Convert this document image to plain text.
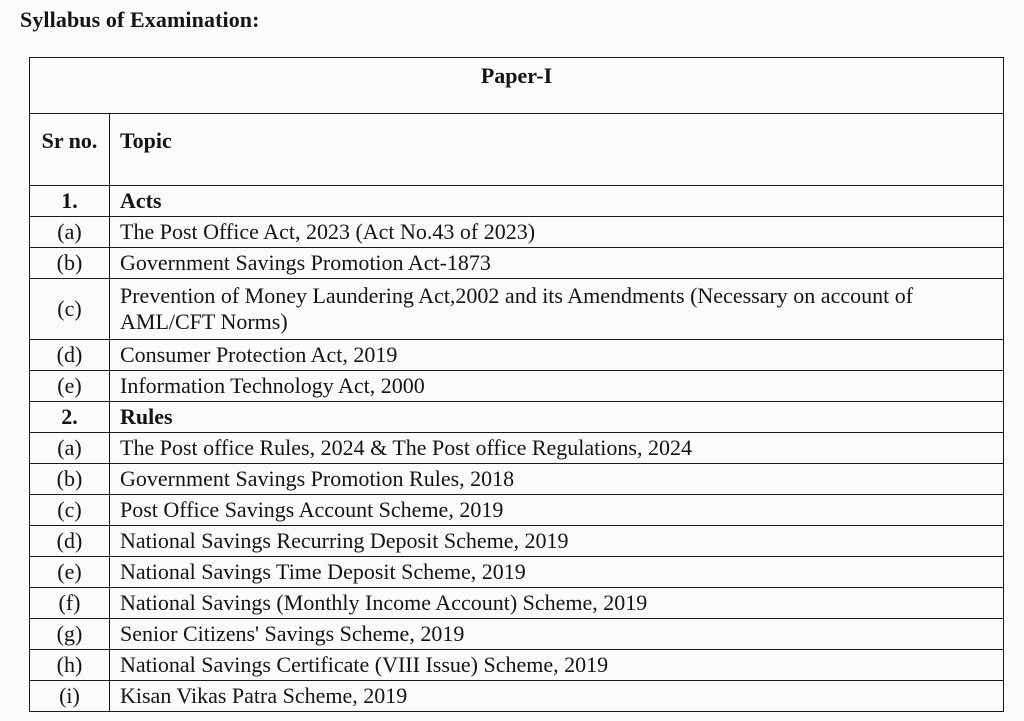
Syllabus of Examination:
Paper-I	
Sr no.	Topic
1.	Acts
(a)	The Post Office Act, 2023 (Act No.43 of 2023)
(b)	Government Savings Promotion Act-1873
(c)	Prevention of Money Laundering Act,2002 and its Amendments (Necessary on account of AML/CFT Norms)
(d)	Consumer Protection Act, 2019
(e)	Information Technology Act, 2000
2.	Rules
(a)	The Post office Rules, 2024 & The Post office Regulations, 2024
(b)	Government Savings Promotion Rules, 2018
(c)	Post Office Savings Account Scheme, 2019
(d)	National Savings Recurring Deposit Scheme, 2019
(e)	National Savings Time Deposit Scheme, 2019
(f)	National Savings (Monthly Income Account) Scheme, 2019
(g)	Senior Citizens' Savings Scheme, 2019
(h)	National Savings Certificate (VIII Issue) Scheme, 2019
(i)	Kisan Vikas Patra Scheme, 2019
